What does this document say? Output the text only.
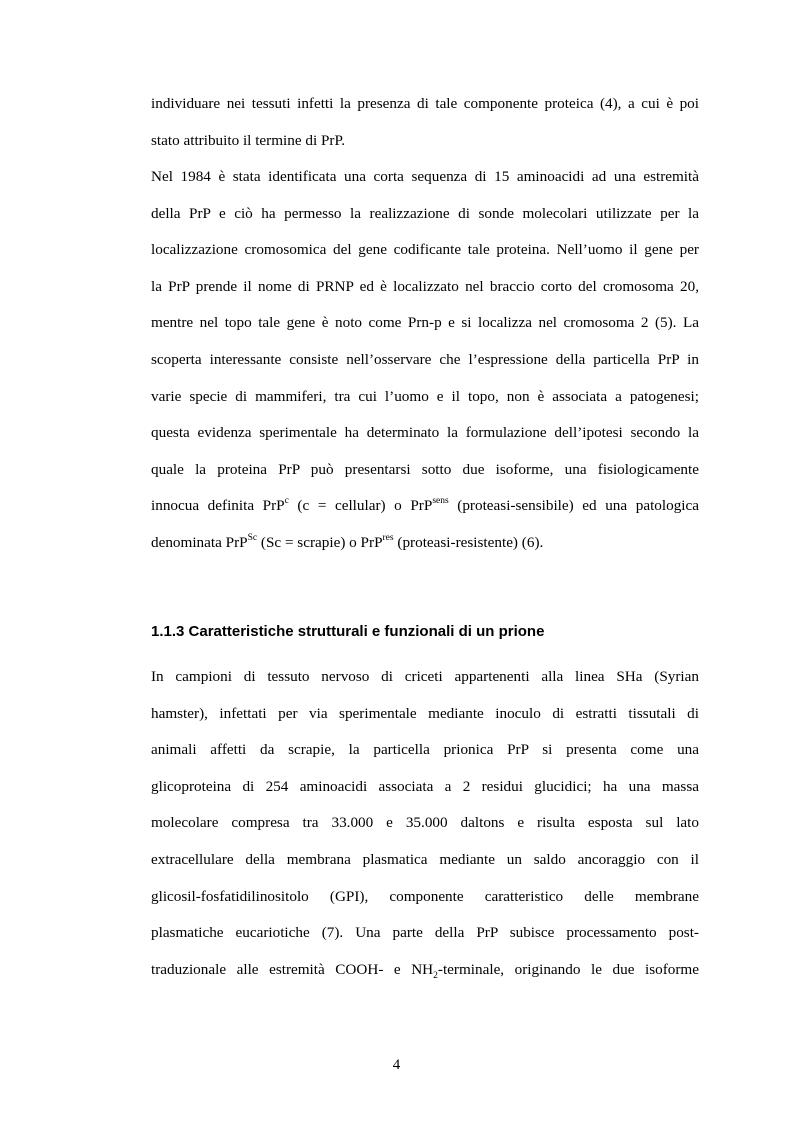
individuare nei tessuti infetti la presenza di tale componente proteica (4), a cui è poi
stato attribuito il termine di PrP.
Nel 1984 è stata identificata una corta sequenza di 15 aminoacidi ad una estremità
della PrP e ciò ha permesso la realizzazione di sonde molecolari utilizzate per la
localizzazione cromosomica del gene codificante tale proteina. Nell’uomo il gene per
la PrP prende il nome di PRNP ed è localizzato nel braccio corto del cromosoma 20,
mentre nel topo tale gene è noto come Prn-p e si localizza nel cromosoma 2 (5). La
scoperta interessante consiste nell’osservare che l’espressione della particella PrP in
varie specie di mammiferi, tra cui l’uomo e il topo, non è associata a patogenesi;
questa evidenza sperimentale ha determinato la formulazione dell’ipotesi secondo la
quale la proteina PrP può presentarsi sotto due isoforme, una fisiologicamente
innocua definita PrP$^c$ (c = cellular) o PrP$^{sens}$ (proteasi-sensibile) ed una patologica
denominata PrP$^{Sc}$ (Sc = scrapie) o PrP$^{res}$ (proteasi-resistente) (6).
1.1.3 Caratteristiche strutturali e funzionali di un prione
In campioni di tessuto nervoso di criceti appartenenti alla linea SHa (Syrian
hamster), infettati per via sperimentale mediante inoculo di estratti tissutali di
animali affetti da scrapie, la particella prionica PrP si presenta come una
glicoproteina di 254 aminoacidi associata a 2 residui glucidici; ha una massa
molecolare compresa tra 33.000 e 35.000 daltons e risulta esposta sul lato
extracellulare della membrana plasmatica mediante un saldo ancoraggio con il
glicosil-fosfatidilinositolo (GPI), componente caratteristico delle membrane
plasmatiche eucariotiche (7). Una parte della PrP subisce processamento post-
traduzionale alle estremità COOH- e $NH_2$-terminale, originando le due isoforme
4
